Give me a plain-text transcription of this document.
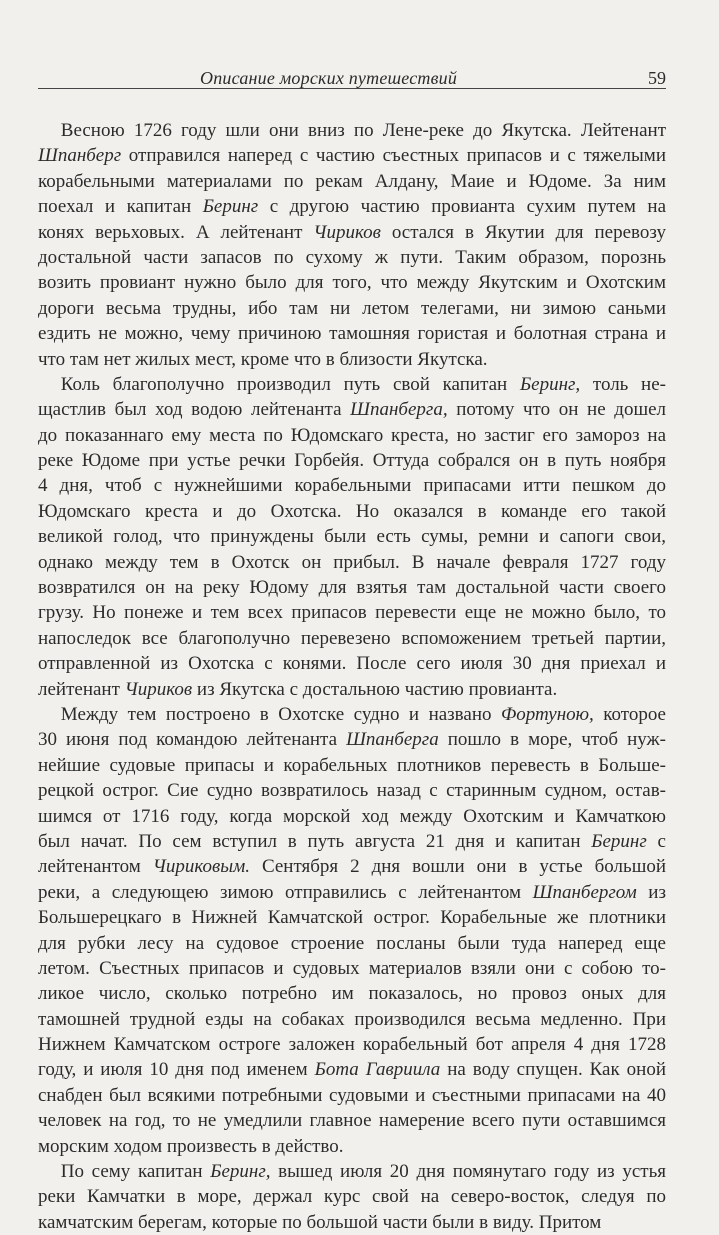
Описание морских путешествий	59
Весною 1726 году шли они вниз по Лене-реке до Якутска. Лейтенант
Шпанберг отправился наперед с частию съестных припасов и с тяжелыми
корабельными материалами по рекам Алдану, Маие и Юдоме. За ним
поехал и капитан Беринг с другою частию провианта сухим путем на
конях верьховых. А лейтенант Чириков остался в Якутии для перевозу
достальной части запасов по сухому ж пути. Таким образом, порознь
возить провиант нужно было для того, что между Якутским и Охотским
дороги весьма трудны, ибо там ни летом телегами, ни зимою саньми
ездить не можно, чему причиною тамошняя гористая и болотная страна и
что там нет жилых мест, кроме что в близости Якутска.
Коль благополучно производил путь свой капитан Беринг, толь не-
щастлив был ход водою лейтенанта Шпанберга, потому что он не дошел
до показаннаго ему места по Юдомскаго креста, но застиг его замороз на
реке Юдоме при устье речки Горбейя. Оттуда собрался он в путь ноября
4 дня, чтоб с нужнейшими корабельными припасами итти пешком до
Юдомскаго креста и до Охотска. Но оказался в команде его такой
великой голод, что принуждены были есть сумы, ремни и сапоги свои,
однако между тем в Охотск он прибыл. В начале февраля 1727 году
возвратился он на реку Юдому для взятья там достальной части своего
грузу. Но понеже и тем всех припасов перевести еще не можно было, то
напоследок все благополучно перевезено вспоможением третьей партии,
отправленной из Охотска с конями. После сего июля 30 дня приехал и
лейтенант Чириков из Якутска с достальною частию провианта.
Между тем построено в Охотске судно и названо Фортуною, которое
30 июня под командою лейтенанта Шпанберга пошло в море, чтоб нуж-
нейшие судовые припасы и корабельных плотников перевесть в Больше-
рецкой острог. Сие судно возвратилось назад с старинным судном, остав-
шимся от 1716 году, когда морской ход между Охотским и Камчаткою
был начат. По сем вступил в путь августа 21 дня и капитан Беринг с
лейтенантом Чириковым. Сентября 2 дня вошли они в устье большой
реки, а следующею зимою отправились с лейтенантом Шпанбергом из
Большерецкаго в Нижней Камчатской острог. Корабельные же плотники
для рубки лесу на судовое строение посланы были туда наперед еще
летом. Съестных припасов и судовых материалов взяли они с собою то-
ликое число, сколько потребно им показалось, но провоз оных для
тамошней трудной езды на собаках производился весьма медленно. При
Нижнем Камчатском остроге заложен корабельный бот апреля 4 дня 1728
году, и июля 10 дня под именем Бота Гавриила на воду спущен. Как оной
снабден был всякими потребными судовыми и съестными припасами на 40
человек на год, то не умедлили главное намерение всего пути оставшимся
морским ходом произвесть в действо.
По сему капитан Беринг, вышед июля 20 дня помянутаго году из устья
реки Камчатки в море, держал курс свой на северо-восток, следуя по
камчатским берегам, которые по большой части были в виду. Притом
